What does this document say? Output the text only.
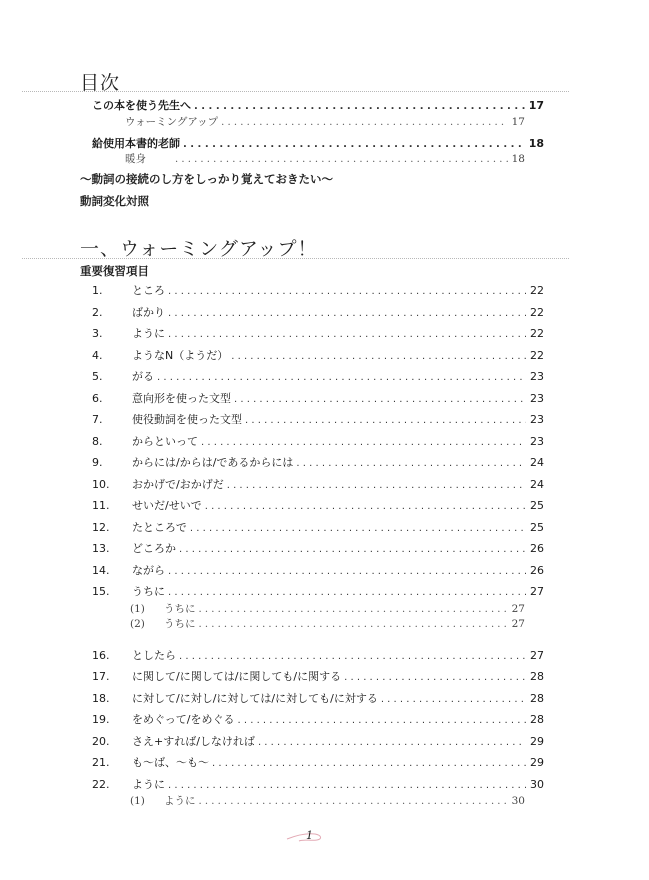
目次
この本を使う先生へ . . .	17
ウォーミングアップ . . .	17
給使用本書的老師 . . .	18
暖身 . . .	18
～動詞の接続のし方をしっかり覚えておきたい～
動詞変化対照
一、ウォーミングアップ！
重要復習項目
1.	ところ . . .	22
2.	ばかり . . .	22
3.	ように . . .	22
4.	ようなN（ようだ） . . .	22
5.	がる . . .	23
6.	意向形を使った文型 . . .	23
7.	使役動詞を使った文型 . . .	23
8.	からといって . . .	23
9.	からには/からは/であるからには . . .	24
10.	おかげで/おかげだ . . .	24
11.	せいだ/せいで . . .	25
12.	たところで . . .	25
13.	どころか . . .	26
14.	ながら . . .	26
15.	うちに . . .	27
(1)	うちに . . .	27
(2)	うちに . . .	27
16.	としたら . . .	27
17.	に関して/に関しては/に関しても/に関する . . .	28
18.	に対して/に対し/に対しては/に対しても/に対する . . .	28
19.	をめぐって/をめぐる . . .	28
20.	さえ+すれば/しなければ . . .	29
21.	も～ば、～も～ . . .	29
22.	ように . . .	30
(1)	ように . . .	30
1
